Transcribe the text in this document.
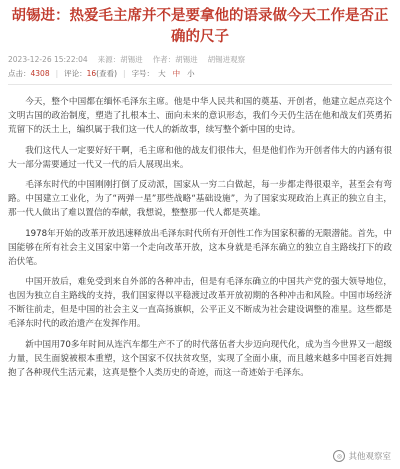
胡锡进：热爱毛主席并不是要拿他的语录做今天工作是否正确的尺子
2023-12-26 15:22:04 来源：胡锡进 作者：胡锡进 胡锡进观察
点击： 4308 | 评论： 16 (查看) | 字号： 大 中 小

今天，整个中国都在缅怀毛泽东主席。他是中华人民共和国的奠基、开创者，他建立起点亮这个文明古国的政治制度，塑造了扎根本土、面向未来的意识形态，我们今天仍生活在他和战友们英勇拓荒留下的沃土上，编织属于我们这一代人的新故事，续写整个新中国的史诗。

我们这代人一定要好好干啊，毛主席和他的战友们很伟大，但是他们作为开创者伟大的内涵有很大一部分需要通过一代又一代的后人展现出来。

毛泽东时代的中国刚刚打倒了反动派，国家从一穷二白做起，每一步都走得很艰辛，甚至会有弯路。中国建立工业化，为了“两弹一星”那些战略“基础设施”，为了国家实现政治上真正的独立自主，那一代人做出了难以置信的奉献，我想说，整整那一代人都是英雄。

1978年开始的改革开放迅速释放出毛泽东时代所有开创性工作为国家积蓄的无限潜能。首先，中国能够在所有社会主义国家中第一个走向改革开放，这本身就是毛泽东确立的独立自主路线打下的政治伏笔。

中国开放后，难免受到来自外部的各种冲击，但是有毛泽东确立的中国共产党的强大领导地位，也因为独立自主路线的支持，我们国家得以平稳渡过改革开放初期的各种冲击和风险。中国市场经济不断往前走，但是中国的社会主义一直高扬旗帜，公平正义不断成为社会建设调整的准星。这些都是毛泽东时代的政治遗产在发挥作用。

新中国用70多年时间从连汽车都生产不了的时代落伍者大步迈向现代化，成为当今世界又一超级力量，民生面貌被根本重塑，这个国家不仅扶贫攻坚，实现了全面小康，而且越来越多中国老百姓拥抱了各种现代生活元素，这真是整个人类历史的奇迹，而这一奇迹始于毛泽东。

◎ 其他观察室
